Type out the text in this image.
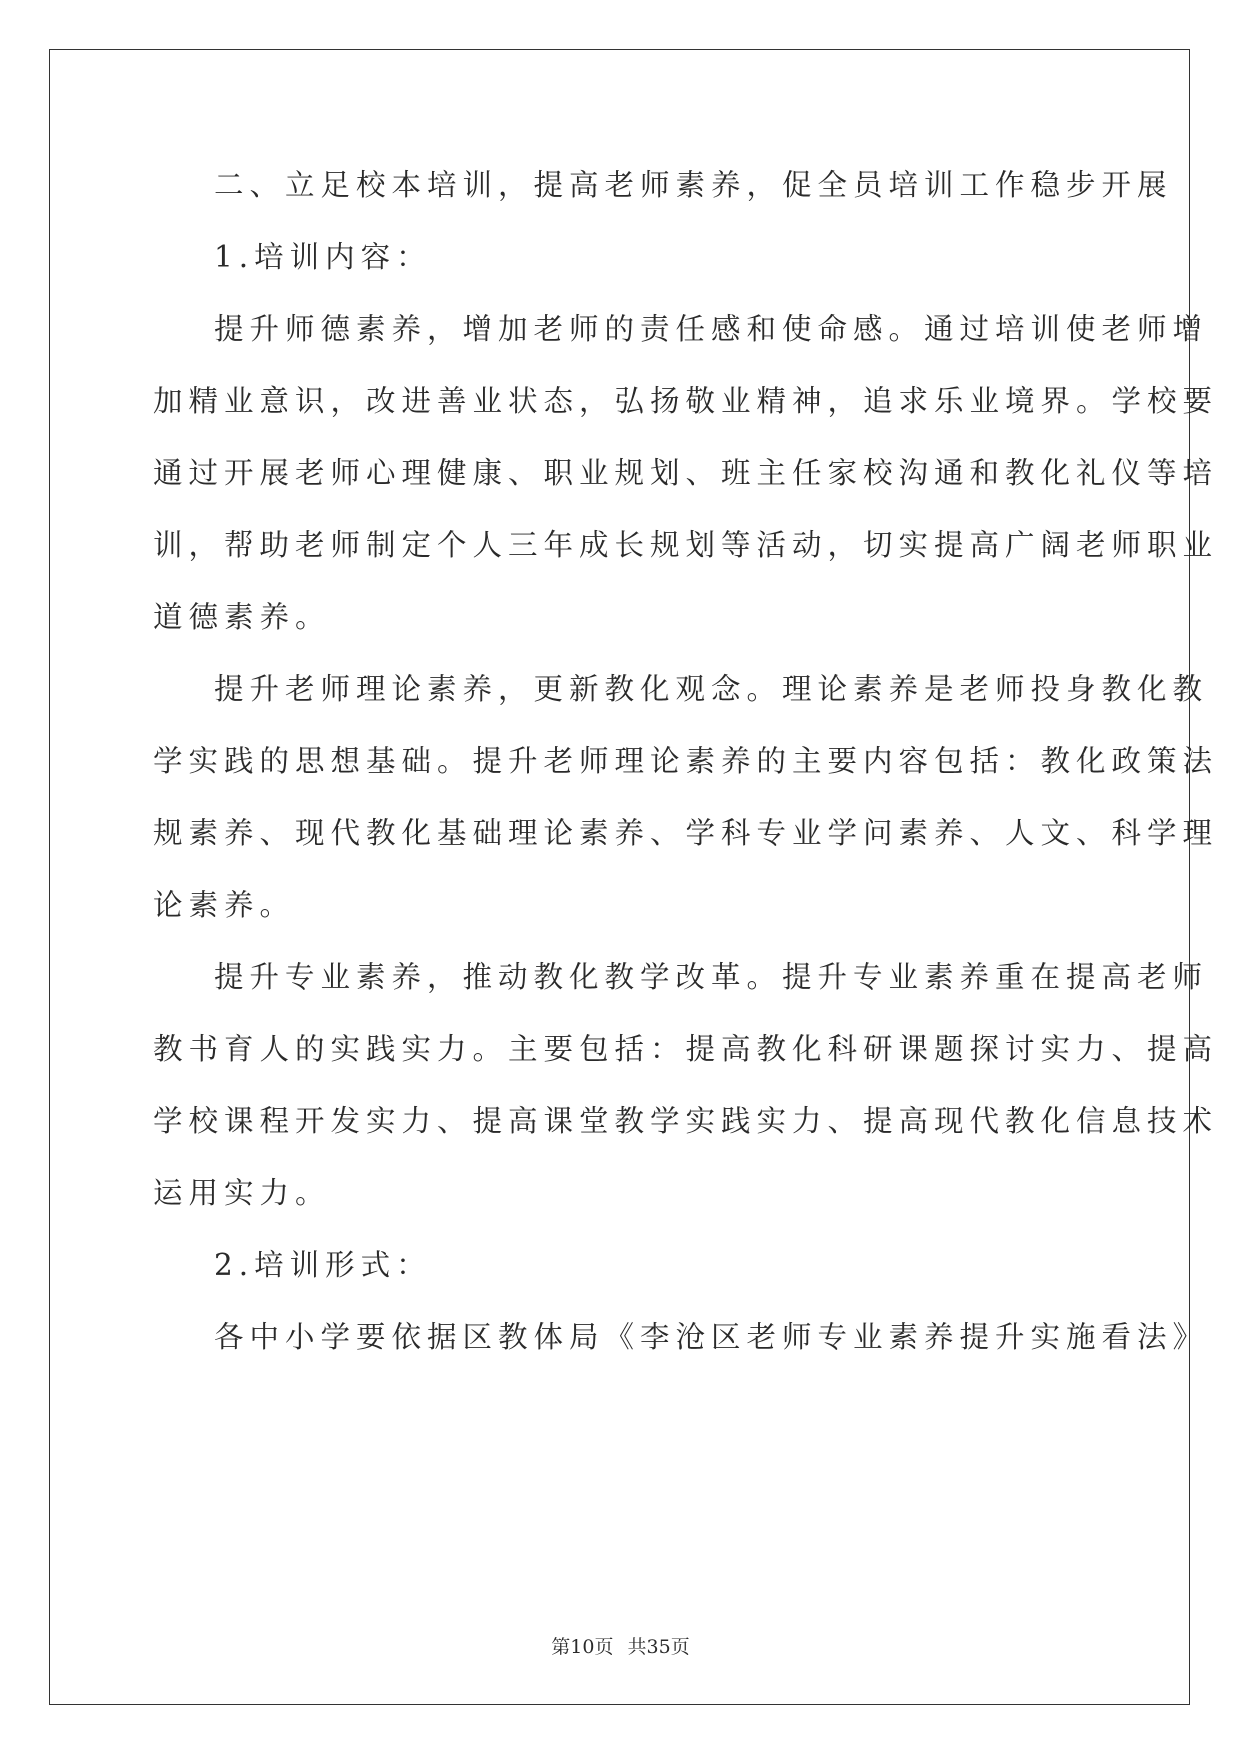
二、立足校本培训，提高老师素养，促全员培训工作稳步开展
1.培训内容：
提升师德素养，增加老师的责任感和使命感。通过培训使老师增
加精业意识，改进善业状态，弘扬敬业精神，追求乐业境界。学校要
通过开展老师心理健康、职业规划、班主任家校沟通和教化礼仪等培
训，帮助老师制定个人三年成长规划等活动，切实提高广阔老师职业
道德素养。
提升老师理论素养，更新教化观念。理论素养是老师投身教化教
学实践的思想基础。提升老师理论素养的主要内容包括：教化政策法
规素养、现代教化基础理论素养、学科专业学问素养、人文、科学理
论素养。
提升专业素养，推动教化教学改革。提升专业素养重在提高老师
教书育人的实践实力。主要包括：提高教化科研课题探讨实力、提高
学校课程开发实力、提高课堂教学实践实力、提高现代教化信息技术
运用实力。
2.培训形式：
各中小学要依据区教体局《李沧区老师专业素养提升实施看法》
第10页 共35页
